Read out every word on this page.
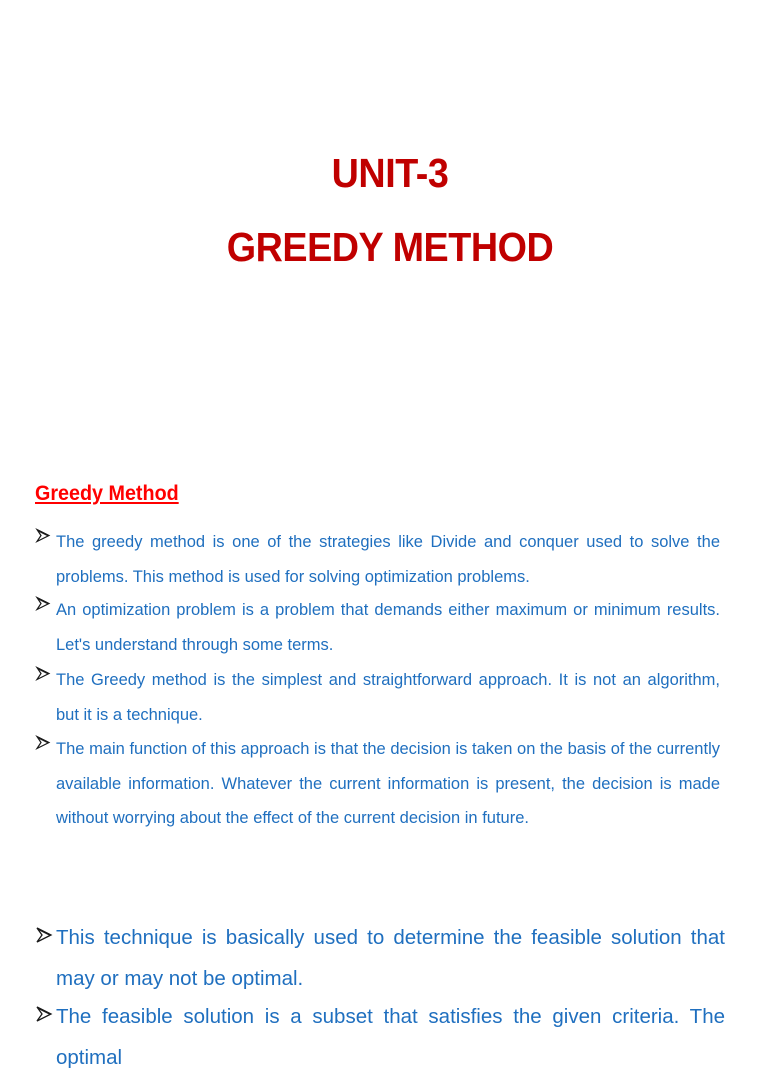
UNIT-3
GREEDY METHOD
Greedy Method
The greedy method is one of the strategies like Divide and conquer used to solve the problems. This method is used for solving optimization problems.
An optimization problem is a problem that demands either maximum or minimum results. Let's understand through some terms.
The Greedy method is the simplest and straightforward approach. It is not an algorithm, but it is a technique.
The main function of this approach is that the decision is taken on the basis of the currently available information. Whatever the current information is present, the decision is made without worrying about the effect of the current decision in future.
This technique is basically used to determine the feasible solution that may or may not be optimal.
The feasible solution is a subset that satisfies the given criteria. The optimal
